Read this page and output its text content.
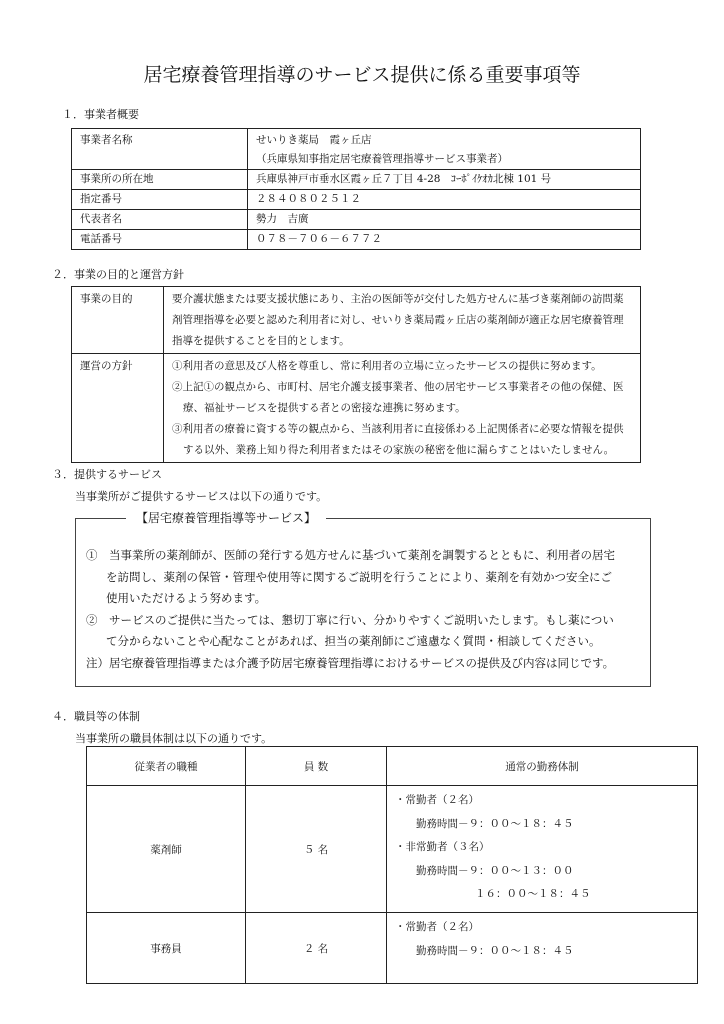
居宅療養管理指導のサービス提供に係る重要事項等
１．事業者概要
事業者名称	せいりき薬局　霞ヶ丘店
（兵庫県知事指定居宅療養管理指導サービス事業者）

事業所の所在地	兵庫県神戸市垂水区霞ヶ丘７丁目 4-28　ｺｰﾎﾟｲｹｵｶ北棟 101 号
指定番号	２８４０８０２５１２
代表者名	勢力　吉廣
電話番号	０７８－７０６－６７７２
２．事業の目的と運営方針
事業の目的	要介護状態または要支援状態にあり、主治の医師等が交付した処方せんに基づき薬剤師の訪問薬

剤管理指導を必要と認めた利用者に対し、せいりき薬局霞ヶ丘店の薬剤師が適正な居宅療養管理

指導を提供することを目的とします。

運営の方針	①利用者の意思及び人格を尊重し、常に利用者の立場に立ったサービスの提供に努めます。

②上記①の観点から、市町村、居宅介護支援事業者、他の居宅サービス事業者その他の保健、医

療、福祉サービスを提供する者との密接な連携に努めます。

③利用者の療養に資する等の観点から、当該利用者に直接係わる上記関係者に必要な情報を提供

する以外、業務上知り得た利用者またはその家族の秘密を他に漏らすことはいたしません。

３．提供するサービス
当事業所がご提供するサービスは以下の通りです。
【居宅療養管理指導等サービス】

①　当事業所の薬剤師が、医師の発行する処方せんに基づいて薬剤を調製するとともに、利用者の居宅

を訪問し、薬剤の保管・管理や使用等に関するご説明を行うことにより、薬剤を有効かつ安全にご

使用いただけるよう努めます。

②　サービスのご提供に当たっては、懇切丁寧に行い、分かりやすくご説明いたします。もし薬につい

て分からないことや心配なことがあれば、担当の薬剤師にご遠慮なく質問・相談してください。

注）居宅療養管理指導または介護予防居宅療養管理指導におけるサービスの提供及び内容は同じです。

４．職員等の体制
当事業所の職員体制は以下の通りです。
従業者の職種	員 数	通常の勤務体制
薬剤師	５ 名	・常勤者（２名）

勤務時間－９：００～１８：４５

・非常勤者（３名）

勤務時間－９：００～１３：００

１６：００～１８：４５

事務員	２ 名	・常勤者（２名）

勤務時間－９：００～１８：４５
